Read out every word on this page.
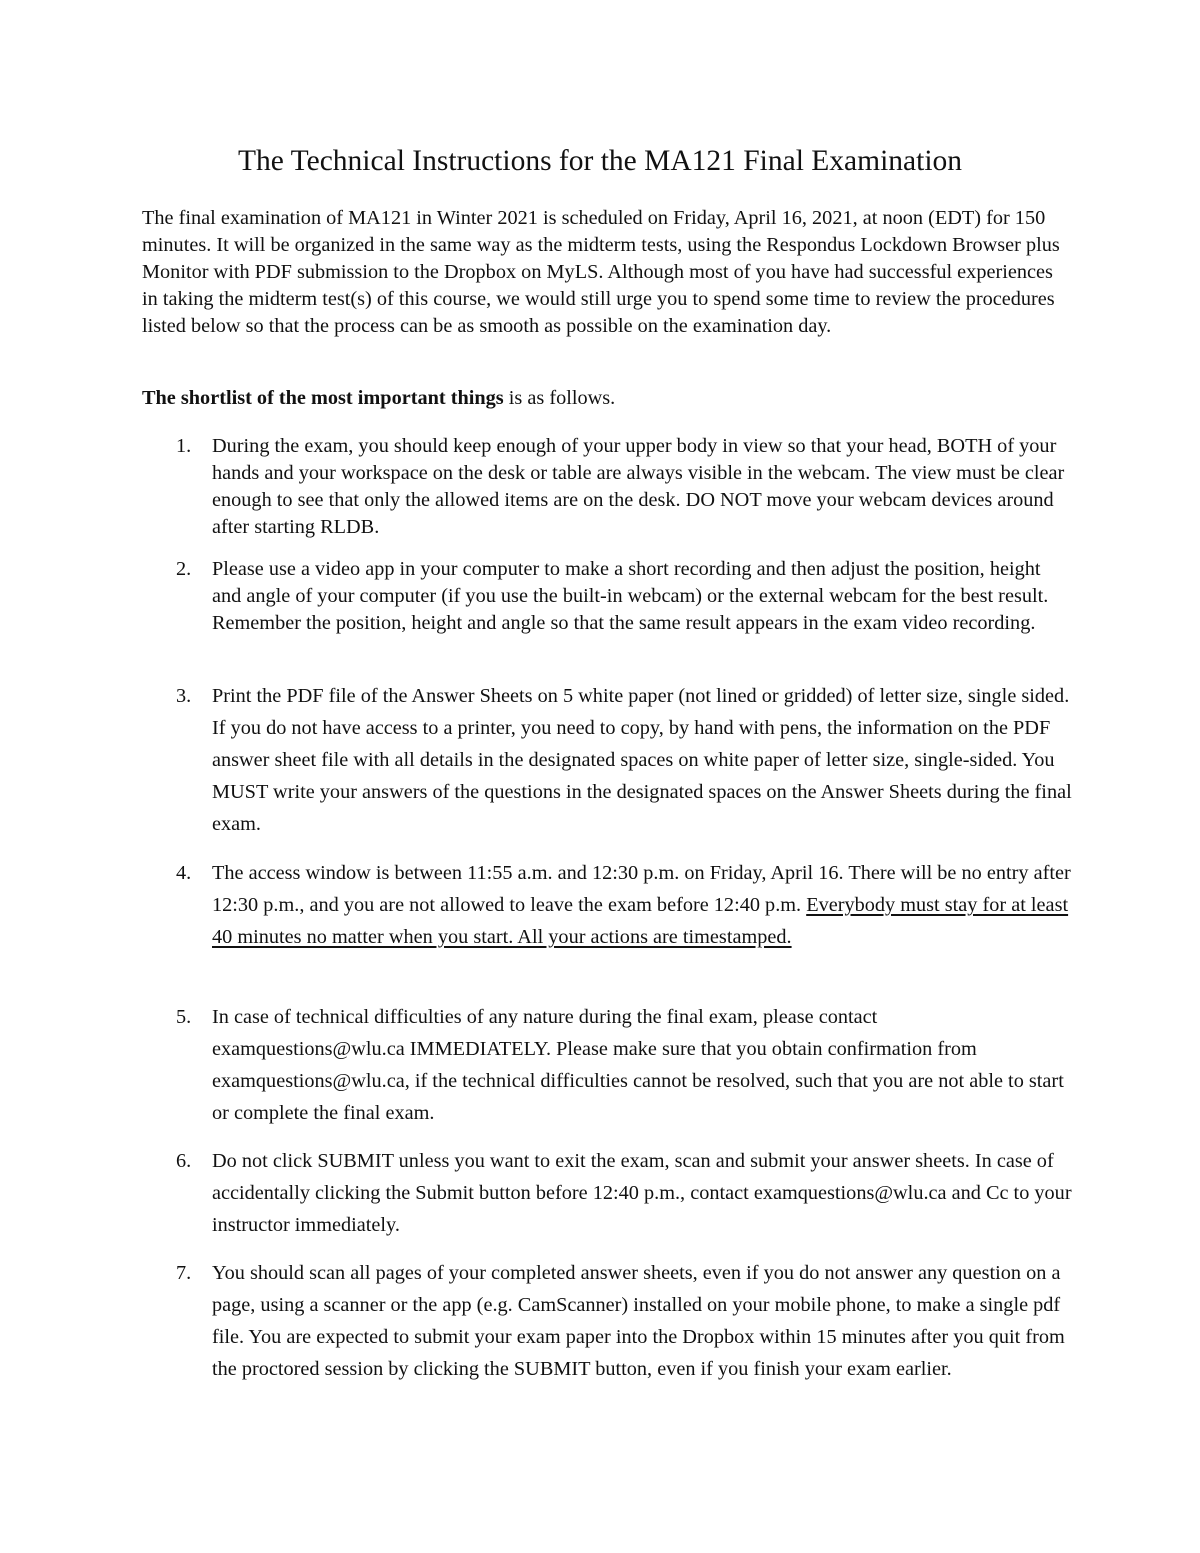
The Technical Instructions for the MA121 Final Examination

The final examination of MA121 in Winter 2021 is scheduled on Friday, April 16, 2021, at noon (EDT) for 150 minutes. It will be organized in the same way as the midterm tests, using the Respondus Lockdown Browser plus Monitor with PDF submission to the Dropbox on MyLS. Although most of you have had successful experiences in taking the midterm test(s) of this course, we would still urge you to spend some time to review the procedures listed below so that the process can be as smooth as possible on the examination day.

The shortlist of the most important things is as follows.

1. During the exam, you should keep enough of your upper body in view so that your head, BOTH of your hands and your workspace on the desk or table are always visible in the webcam. The view must be clear enough to see that only the allowed items are on the desk. DO NOT move your webcam devices around after starting RLDB.
2. Please use a video app in your computer to make a short recording and then adjust the position, height and angle of your computer (if you use the built-in webcam) or the external webcam for the best result. Remember the position, height and angle so that the same result appears in the exam video recording.
3. Print the PDF file of the Answer Sheets on 5 white paper (not lined or gridded) of letter size, single sided. If you do not have access to a printer, you need to copy, by hand with pens, the information on the PDF answer sheet file with all details in the designated spaces on white paper of letter size, single-sided. You MUST write your answers of the questions in the designated spaces on the Answer Sheets during the final exam.
4. The access window is between 11:55 a.m. and 12:30 p.m. on Friday, April 16. There will be no entry after 12:30 p.m., and you are not allowed to leave the exam before 12:40 p.m. Everybody must stay for at least 40 minutes no matter when you start. All your actions are timestamped.
5. In case of technical difficulties of any nature during the final exam, please contact examquestions@wlu.ca IMMEDIATELY. Please make sure that you obtain confirmation from examquestions@wlu.ca, if the technical difficulties cannot be resolved, such that you are not able to start or complete the final exam.
6. Do not click SUBMIT unless you want to exit the exam, scan and submit your answer sheets. In case of accidentally clicking the Submit button before 12:40 p.m., contact examquestions@wlu.ca and Cc to your instructor immediately.
7. You should scan all pages of your completed answer sheets, even if you do not answer any question on a page, using a scanner or the app (e.g. CamScanner) installed on your mobile phone, to make a single pdf file. You are expected to submit your exam paper into the Dropbox within 15 minutes after you quit from the proctored session by clicking the SUBMIT button, even if you finish your exam earlier.
